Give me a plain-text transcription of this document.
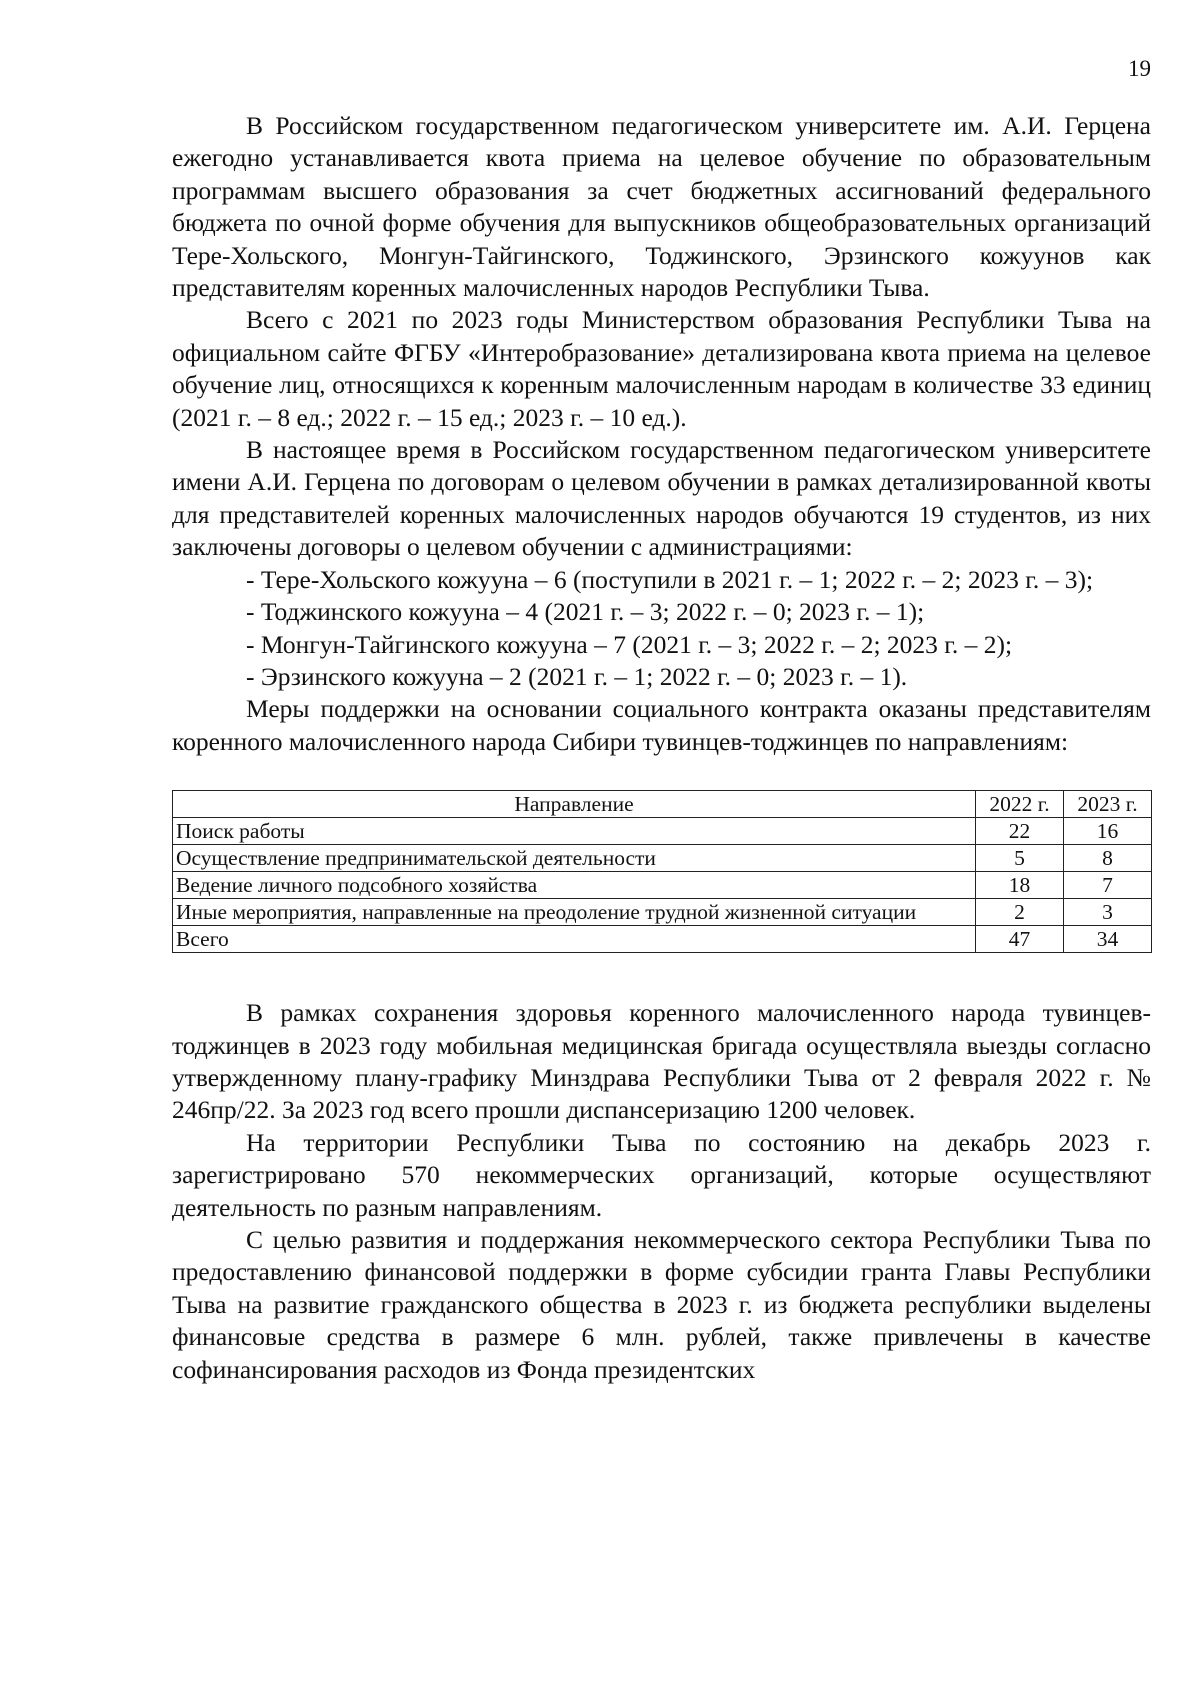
19

В Российском государственном педагогическом университете им. А.И. Герцена ежегодно устанавливается квота приема на целевое обучение по образовательным программам высшего образования за счет бюджетных ассигнований федерального бюджета по очной форме обучения для выпускников общеобразовательных организаций Тере-Хольского, Монгун-Тайгинского, Тоджинского, Эрзинского кожуунов как представителям коренных малочисленных народов Республики Тыва.

Всего с 2021 по 2023 годы Министерством образования Республики Тыва на официальном сайте ФГБУ «Интеробразование» детализирована квота приема на целевое обучение лиц, относящихся к коренным малочисленным народам в количестве 33 единиц (2021 г. – 8 ед.; 2022 г. – 15 ед.; 2023 г. – 10 ед.).

В настоящее время в Российском государственном педагогическом университете имени А.И. Герцена по договорам о целевом обучении в рамках детализированной квоты для представителей коренных малочисленных народов обучаются 19 студентов, из них заключены договоры о целевом обучении с администрациями:

- Тере-Хольского кожууна – 6 (поступили в 2021 г. – 1; 2022 г. – 2; 2023 г. – 3);

- Тоджинского кожууна – 4 (2021 г. – 3; 2022 г. – 0; 2023 г. – 1);

- Монгун-Тайгинского кожууна – 7 (2021 г. – 3; 2022 г. – 2; 2023 г. – 2);

- Эрзинского кожууна – 2 (2021 г. – 1; 2022 г. – 0; 2023 г. – 1).

Меры поддержки на основании социального контракта оказаны представителям коренного малочисленного народа Сибири тувинцев-тоджинцев по направлениям:

Направление	2022 г.	2023 г.
Поиск работы	22	16
Осуществление предпринимательской деятельности	5	8
Ведение личного подсобного хозяйства	18	7
Иные мероприятия, направленные на преодоление трудной жизненной ситуации	2	3
Всего	47	34

В рамках сохранения здоровья коренного малочисленного народа тувинцев-тоджинцев в 2023 году мобильная медицинская бригада осуществляла выезды согласно утвержденному плану-графику Минздрава Республики Тыва от 2 февраля 2022 г. № 246пр/22. За 2023 год всего прошли диспансеризацию 1200 человек.

На территории Республики Тыва по состоянию на декабрь 2023 г. зарегистрировано 570 некоммерческих организаций, которые осуществляют деятельность по разным направлениям.

С целью развития и поддержания некоммерческого сектора Республики Тыва по предоставлению финансовой поддержки в форме субсидии гранта Главы Республики Тыва на развитие гражданского общества в 2023 г. из бюджета республики выделены финансовые средства в размере 6 млн. рублей, также привлечены в качестве софинансирования расходов из Фонда президентских
